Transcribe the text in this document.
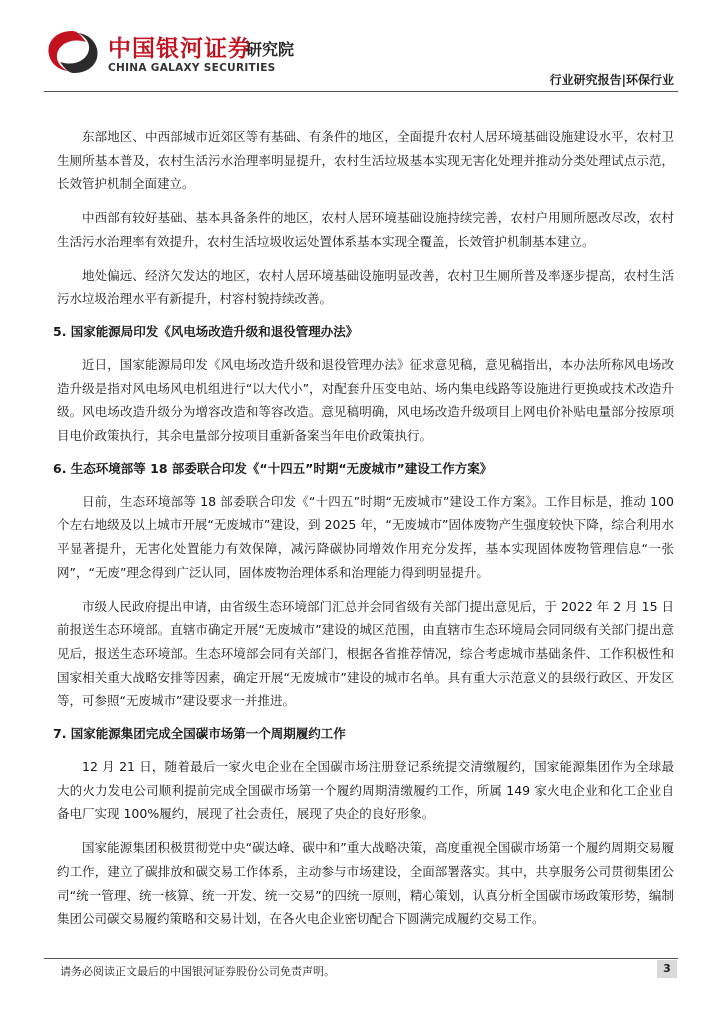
中国银河证券
CHINA GALAXY SECURITIES
研究院
行业研究报告|环保行业

东部地区、中西部城市近郊区等有基础、有条件的地区，全面提升农村人居环境基础设施建设水平，农村卫生厕所基本普及，农村生活污水治理率明显提升，农村生活垃圾基本实现无害化处理并推动分类处理试点示范，长效管护机制全面建立。

中西部有较好基础、基本具备条件的地区，农村人居环境基础设施持续完善，农村户用厕所愿改尽改，农村生活污水治理率有效提升，农村生活垃圾收运处置体系基本实现全覆盖，长效管护机制基本建立。

地处偏远、经济欠发达的地区，农村人居环境基础设施明显改善，农村卫生厕所普及率逐步提高，农村生活污水垃圾治理水平有新提升，村容村貌持续改善。

5. 国家能源局印发《风电场改造升级和退役管理办法》

近日，国家能源局印发《风电场改造升级和退役管理办法》征求意见稿，意见稿指出，本办法所称风电场改造升级是指对风电场风电机组进行“以大代小”，对配套升压变电站、场内集电线路等设施进行更换或技术改造升级。风电场改造升级分为增容改造和等容改造。意见稿明确，风电场改造升级项目上网电价补贴电量部分按原项目电价政策执行，其余电量部分按项目重新备案当年电价政策执行。

6. 生态环境部等 18 部委联合印发《“十四五”时期“无废城市”建设工作方案》

日前，生态环境部等 18 部委联合印发《“十四五”时期“无废城市”建设工作方案》。工作目标是，推动 100 个左右地级及以上城市开展“无废城市”建设，到 2025 年，“无废城市”固体废物产生强度较快下降，综合利用水平显著提升，无害化处置能力有效保障，减污降碳协同增效作用充分发挥，基本实现固体废物管理信息“一张网”，“无废”理念得到广泛认同，固体废物治理体系和治理能力得到明显提升。

市级人民政府提出申请，由省级生态环境部门汇总并会同省级有关部门提出意见后，于 2022 年 2 月 15 日前报送生态环境部。直辖市确定开展“无废城市”建设的城区范围，由直辖市生态环境局会同同级有关部门提出意见后，报送生态环境部。生态环境部会同有关部门，根据各省推荐情况，综合考虑城市基础条件、工作积极性和国家相关重大战略安排等因素，确定开展“无废城市”建设的城市名单。具有重大示范意义的县级行政区、开发区等，可参照“无废城市”建设要求一并推进。

7. 国家能源集团完成全国碳市场第一个周期履约工作

12 月 21 日，随着最后一家火电企业在全国碳市场注册登记系统提交清缴履约，国家能源集团作为全球最大的火力发电公司顺利提前完成全国碳市场第一个履约周期清缴履约工作，所属 149 家火电企业和化工企业自备电厂实现 100%履约，展现了社会责任，展现了央企的良好形象。

国家能源集团积极贯彻党中央“碳达峰、碳中和”重大战略决策，高度重视全国碳市场第一个履约周期交易履约工作，建立了碳排放和碳交易工作体系，主动参与市场建设，全面部署落实。其中，共享服务公司贯彻集团公司“统一管理、统一核算、统一开发、统一交易”的四统一原则，精心策划，认真分析全国碳市场政策形势，编制集团公司碳交易履约策略和交易计划，在各火电企业密切配合下圆满完成履约交易工作。

请务必阅读正文最后的中国银河证券股份公司免责声明。	3
